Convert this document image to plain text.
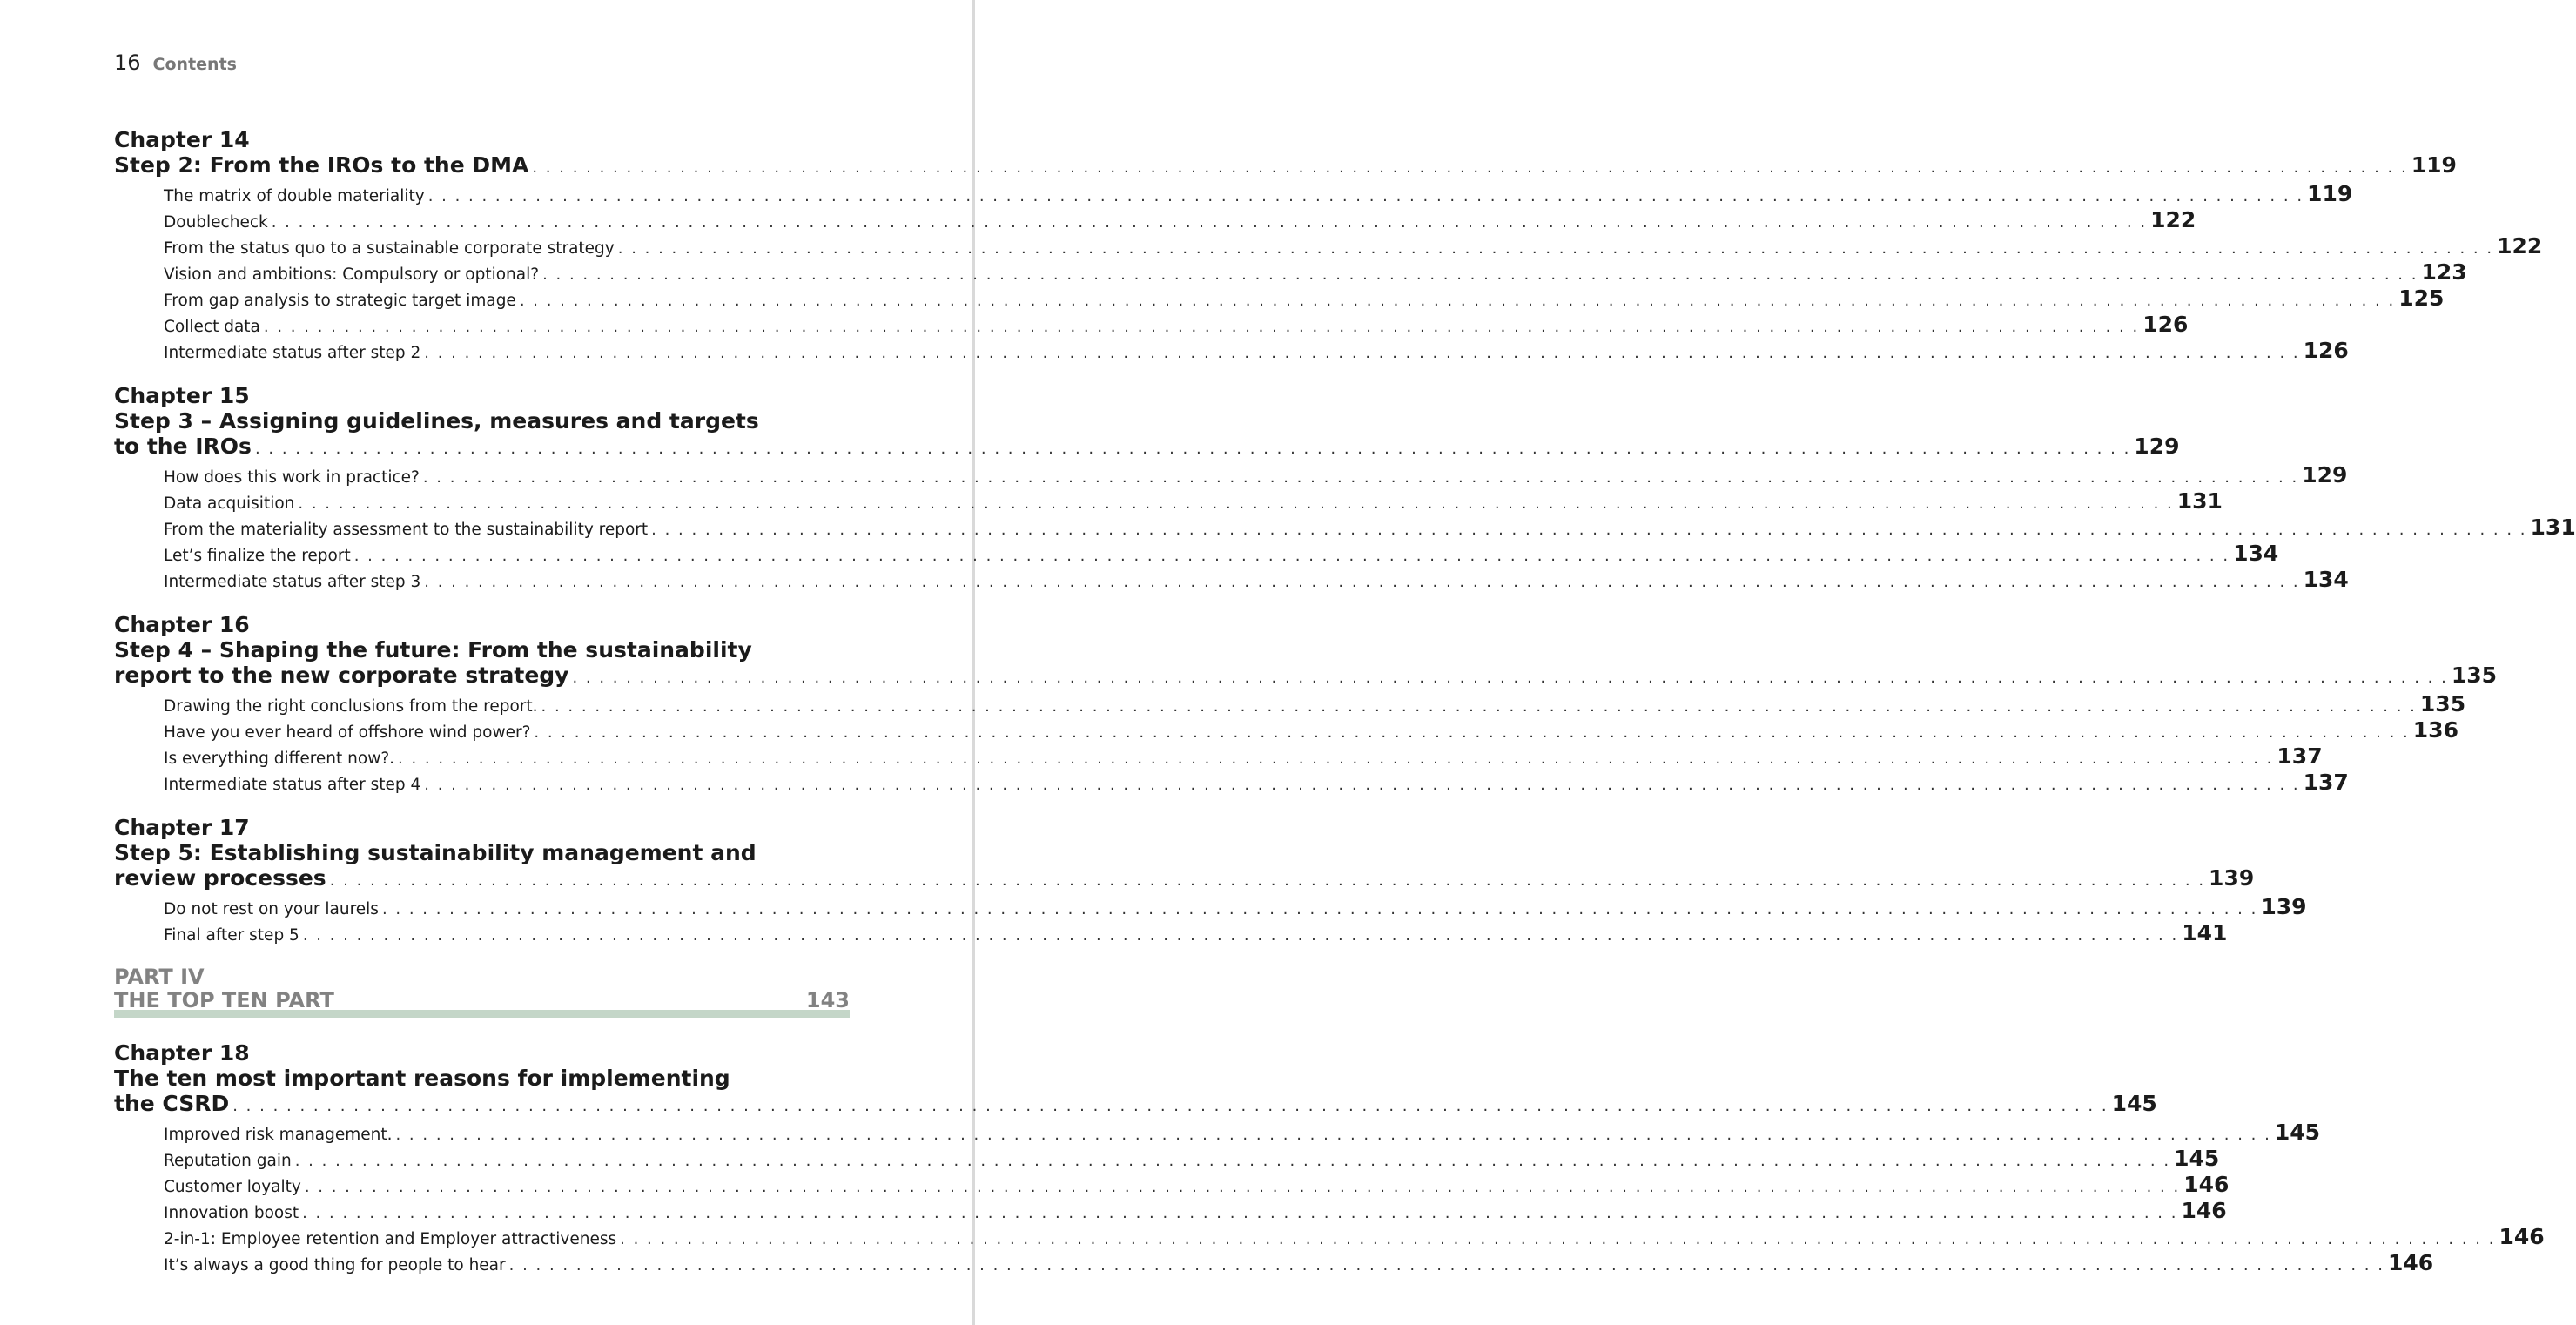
16 Contents
Chapter 14
Step 2: From the IROs to the DMA . . . . . . . . . . . . . . . . . . . . . . . . . . . . . . . . . . . . . . . . . . . . . . . . . . . . . . . . . . . . . . . . . . . . . . . . . . . . . . . . . . . . . . . . . . . . . . . . . . . . . . . . . . . . . . . . . . . . . . . . . . . . . . . . . . . . . . . . . . . . 119
The matrix of double materiality . . . . . . . . . . . . . . . . . . . . . . . . . . . . . . . . . . . . . . . . . . . . . . . . . . . . . . . . . . . . . . . . . . . . . . . . . . . . . . . . . . . . . . . . . . . . . . . . . . . . . . . . . . . . . . . . . . . . . . . . . . . . . . . . . . . . . . . . . . . . 119
Doublecheck . . . . . . . . . . . . . . . . . . . . . . . . . . . . . . . . . . . . . . . . . . . . . . . . . . . . . . . . . . . . . . . . . . . . . . . . . . . . . . . . . . . . . . . . . . . . . . . . . . . . . . . . . . . . . . . . . . . . . . . . . . . . . . . . . . . . . . . . . . . . 122
From the status quo to a sustainable corporate strategy . . . . . . . . . . . . . . . . . . . . . . . . . . . . . . . . . . . . . . . . . . . . . . . . . . . . . . . . . . . . . . . . . . . . . . . . . . . . . . . . . . . . . . . . . . . . . . . . . . . . . . . . . . . . . . . . . . . . . . . . . . . . . . . . . . . . . . . . . . . . 122
Vision and ambitions: Compulsory or optional? . . . . . . . . . . . . . . . . . . . . . . . . . . . . . . . . . . . . . . . . . . . . . . . . . . . . . . . . . . . . . . . . . . . . . . . . . . . . . . . . . . . . . . . . . . . . . . . . . . . . . . . . . . . . . . . . . . . . . . . . . . . . . . . . . . . . . . . . . . . . 123
From gap analysis to strategic target image . . . . . . . . . . . . . . . . . . . . . . . . . . . . . . . . . . . . . . . . . . . . . . . . . . . . . . . . . . . . . . . . . . . . . . . . . . . . . . . . . . . . . . . . . . . . . . . . . . . . . . . . . . . . . . . . . . . . . . . . . . . . . . . . . . . . . . . . . . . . 125
Collect data . . . . . . . . . . . . . . . . . . . . . . . . . . . . . . . . . . . . . . . . . . . . . . . . . . . . . . . . . . . . . . . . . . . . . . . . . . . . . . . . . . . . . . . . . . . . . . . . . . . . . . . . . . . . . . . . . . . . . . . . . . . . . . . . . . . . . . . . . . . . 126
Intermediate status after step 2 . . . . . . . . . . . . . . . . . . . . . . . . . . . . . . . . . . . . . . . . . . . . . . . . . . . . . . . . . . . . . . . . . . . . . . . . . . . . . . . . . . . . . . . . . . . . . . . . . . . . . . . . . . . . . . . . . . . . . . . . . . . . . . . . . . . . . . . . . . . . 126
Chapter 15
Step 3 – Assigning guidelines, measures and targets
to the IROs . . . . . . . . . . . . . . . . . . . . . . . . . . . . . . . . . . . . . . . . . . . . . . . . . . . . . . . . . . . . . . . . . . . . . . . . . . . . . . . . . . . . . . . . . . . . . . . . . . . . . . . . . . . . . . . . . . . . . . . . . . . . . . . . . . . . . . . . . . . . 129
How does this work in practice? . . . . . . . . . . . . . . . . . . . . . . . . . . . . . . . . . . . . . . . . . . . . . . . . . . . . . . . . . . . . . . . . . . . . . . . . . . . . . . . . . . . . . . . . . . . . . . . . . . . . . . . . . . . . . . . . . . . . . . . . . . . . . . . . . . . . . . . . . . . . 129
Data acquisition . . . . . . . . . . . . . . . . . . . . . . . . . . . . . . . . . . . . . . . . . . . . . . . . . . . . . . . . . . . . . . . . . . . . . . . . . . . . . . . . . . . . . . . . . . . . . . . . . . . . . . . . . . . . . . . . . . . . . . . . . . . . . . . . . . . . . . . . . . . . 131
From the materiality assessment to the sustainability report . . . . . . . . . . . . . . . . . . . . . . . . . . . . . . . . . . . . . . . . . . . . . . . . . . . . . . . . . . . . . . . . . . . . . . . . . . . . . . . . . . . . . . . . . . . . . . . . . . . . . . . . . . . . . . . . . . . . . . . . . . . . . . . . . . . . . . . . . . . . 131
Let’s finalize the report . . . . . . . . . . . . . . . . . . . . . . . . . . . . . . . . . . . . . . . . . . . . . . . . . . . . . . . . . . . . . . . . . . . . . . . . . . . . . . . . . . . . . . . . . . . . . . . . . . . . . . . . . . . . . . . . . . . . . . . . . . . . . . . . . . . . . . . . . . . . 134
Intermediate status after step 3 . . . . . . . . . . . . . . . . . . . . . . . . . . . . . . . . . . . . . . . . . . . . . . . . . . . . . . . . . . . . . . . . . . . . . . . . . . . . . . . . . . . . . . . . . . . . . . . . . . . . . . . . . . . . . . . . . . . . . . . . . . . . . . . . . . . . . . . . . . . . 134
Chapter 16
Step 4 – Shaping the future: From the sustainability
report to the new corporate strategy . . . . . . . . . . . . . . . . . . . . . . . . . . . . . . . . . . . . . . . . . . . . . . . . . . . . . . . . . . . . . . . . . . . . . . . . . . . . . . . . . . . . . . . . . . . . . . . . . . . . . . . . . . . . . . . . . . . . . . . . . . . . . . . . . . . . . . . . . . . . 135
Drawing the right conclusions from the report. . . . . . . . . . . . . . . . . . . . . . . . . . . . . . . . . . . . . . . . . . . . . . . . . . . . . . . . . . . . . . . . . . . . . . . . . . . . . . . . . . . . . . . . . . . . . . . . . . . . . . . . . . . . . . . . . . . . . . . . . . . . . . . . . . . . . . . . . . . . . 135
Have you ever heard of offshore wind power? . . . . . . . . . . . . . . . . . . . . . . . . . . . . . . . . . . . . . . . . . . . . . . . . . . . . . . . . . . . . . . . . . . . . . . . . . . . . . . . . . . . . . . . . . . . . . . . . . . . . . . . . . . . . . . . . . . . . . . . . . . . . . . . . . . . . . . . . . . . . 136
Is everything different now?. . . . . . . . . . . . . . . . . . . . . . . . . . . . . . . . . . . . . . . . . . . . . . . . . . . . . . . . . . . . . . . . . . . . . . . . . . . . . . . . . . . . . . . . . . . . . . . . . . . . . . . . . . . . . . . . . . . . . . . . . . . . . . . . . . . . . . . . . . . . . 137
Intermediate status after step 4 . . . . . . . . . . . . . . . . . . . . . . . . . . . . . . . . . . . . . . . . . . . . . . . . . . . . . . . . . . . . . . . . . . . . . . . . . . . . . . . . . . . . . . . . . . . . . . . . . . . . . . . . . . . . . . . . . . . . . . . . . . . . . . . . . . . . . . . . . . . . 137
Chapter 17
Step 5: Establishing sustainability management and
review processes . . . . . . . . . . . . . . . . . . . . . . . . . . . . . . . . . . . . . . . . . . . . . . . . . . . . . . . . . . . . . . . . . . . . . . . . . . . . . . . . . . . . . . . . . . . . . . . . . . . . . . . . . . . . . . . . . . . . . . . . . . . . . . . . . . . . . . . . . . . . 139
Do not rest on your laurels . . . . . . . . . . . . . . . . . . . . . . . . . . . . . . . . . . . . . . . . . . . . . . . . . . . . . . . . . . . . . . . . . . . . . . . . . . . . . . . . . . . . . . . . . . . . . . . . . . . . . . . . . . . . . . . . . . . . . . . . . . . . . . . . . . . . . . . . . . . . 139
Final after step 5 . . . . . . . . . . . . . . . . . . . . . . . . . . . . . . . . . . . . . . . . . . . . . . . . . . . . . . . . . . . . . . . . . . . . . . . . . . . . . . . . . . . . . . . . . . . . . . . . . . . . . . . . . . . . . . . . . . . . . . . . . . . . . . . . . . . . . . . . . . . . 141
PART IV
THE TOP TEN PART	143
Chapter 18
The ten most important reasons for implementing
the CSRD . . . . . . . . . . . . . . . . . . . . . . . . . . . . . . . . . . . . . . . . . . . . . . . . . . . . . . . . . . . . . . . . . . . . . . . . . . . . . . . . . . . . . . . . . . . . . . . . . . . . . . . . . . . . . . . . . . . . . . . . . . . . . . . . . . . . . . . . . . . . 145
Improved risk management. . . . . . . . . . . . . . . . . . . . . . . . . . . . . . . . . . . . . . . . . . . . . . . . . . . . . . . . . . . . . . . . . . . . . . . . . . . . . . . . . . . . . . . . . . . . . . . . . . . . . . . . . . . . . . . . . . . . . . . . . . . . . . . . . . . . . . . . . . . . . 145
Reputation gain . . . . . . . . . . . . . . . . . . . . . . . . . . . . . . . . . . . . . . . . . . . . . . . . . . . . . . . . . . . . . . . . . . . . . . . . . . . . . . . . . . . . . . . . . . . . . . . . . . . . . . . . . . . . . . . . . . . . . . . . . . . . . . . . . . . . . . . . . . . . 145
Customer loyalty . . . . . . . . . . . . . . . . . . . . . . . . . . . . . . . . . . . . . . . . . . . . . . . . . . . . . . . . . . . . . . . . . . . . . . . . . . . . . . . . . . . . . . . . . . . . . . . . . . . . . . . . . . . . . . . . . . . . . . . . . . . . . . . . . . . . . . . . . . . . 146
Innovation boost . . . . . . . . . . . . . . . . . . . . . . . . . . . . . . . . . . . . . . . . . . . . . . . . . . . . . . . . . . . . . . . . . . . . . . . . . . . . . . . . . . . . . . . . . . . . . . . . . . . . . . . . . . . . . . . . . . . . . . . . . . . . . . . . . . . . . . . . . . . . 146
2-in-1: Employee retention and Employer attractiveness . . . . . . . . . . . . . . . . . . . . . . . . . . . . . . . . . . . . . . . . . . . . . . . . . . . . . . . . . . . . . . . . . . . . . . . . . . . . . . . . . . . . . . . . . . . . . . . . . . . . . . . . . . . . . . . . . . . . . . . . . . . . . . . . . . . . . . . . . . . . 146
It’s always a good thing for people to hear . . . . . . . . . . . . . . . . . . . . . . . . . . . . . . . . . . . . . . . . . . . . . . . . . . . . . . . . . . . . . . . . . . . . . . . . . . . . . . . . . . . . . . . . . . . . . . . . . . . . . . . . . . . . . . . . . . . . . . . . . . . . . . . . . . . . . . . . . . . . 146
